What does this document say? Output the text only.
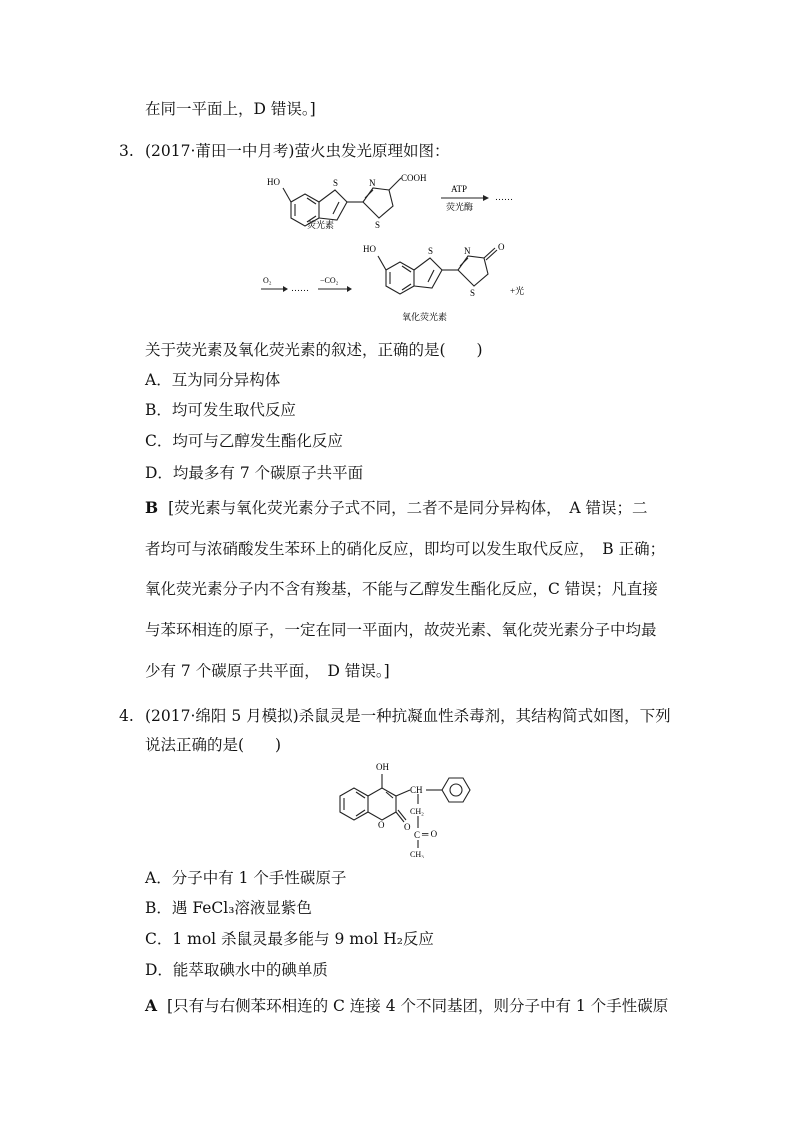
在同一平面上，D 错误。]
3. (2017·莆田一中月考)萤火虫发光原理如图：
HO	S	N
S
COOH
荧光素
ATP
荧光酶
……
O₂
……
−CO₂
HO	S	N
S
O
+光
氧化荧光素
关于荧光素及氧化荧光素的叙述，正确的是(　　)
A．互为同分异构体
B．均可发生取代反应
C．均可与乙醇发生酯化反应
D．均最多有 7 个碳原子共平面
B [荧光素与氧化荧光素分子式不同，二者不是同分异构体，　A 错误；二
者均可与浓硝酸发生苯环上的硝化反应，即均可以发生取代反应，　B 正确；
氧化荧光素分子内不含有羧基，不能与乙醇发生酯化反应，C 错误；凡直接
与苯环相连的原子，一定在同一平面内，故荧光素、氧化荧光素分子中均最
少有 7 个碳原子共平面，　D 错误。]
4. (2017·绵阳 5 月模拟)杀鼠灵是一种抗凝血性杀毒剂，其结构简式如图，下列
说法正确的是(　　)
OH
CH
CH₂
C ═ O
CH₃
O O
A．分子中有 1 个手性碳原子
B．遇 FeCl₃溶液显紫色
C．1 mol 杀鼠灵最多能与 9 mol H₂反应
D．能萃取碘水中的碘单质
A [只有与右侧苯环相连的 C 连接 4 个不同基团，则分子中有 1 个手性碳原
